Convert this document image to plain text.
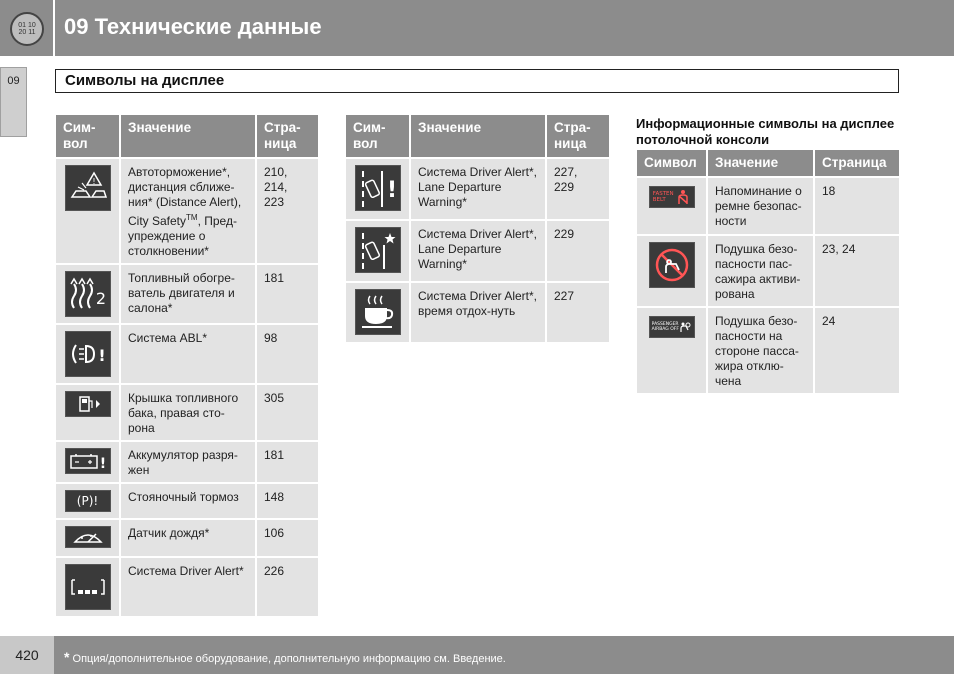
01 10
20 11 09 Технические данные
09	Символы на дисплее
Сим-
вол	Значение	Стра-
ница

!	Автоторможение*, дистанция сближе-ния* (Distance Alert), City Safety™, Пред-упреждение о столкновении*	210,
214,
223

2	Топливный обогре-ватель двигателя и салона*	181

!	Система ABL*	98

	Крышка топливного бака, правая сто-рона	305

!	Аккумулятор разря-жен	181
(P)!	Стояночный тормоз	148

	Датчик дождя*	106

	Система Driver Alert*	226
Сим-
вол	Значение	Стра-
ница

!	Система Driver Alert*, Lane Departure Warning*	227,
229

	Система Driver Alert*, Lane Departure Warning*	229

	Система Driver Alert*, время отдох-нуть	227
Информационные символы на дисплее потолочной консоли
Символ	Значение	Страница

FASTEN
BELT	Напоминание о ремне безопас-ности	18

	Подушка безо-пасности пас-сажира активи-рована	23, 24

PASSENGER
AIRBAG OFF	Подушка безо-пасности на стороне пасса-жира отклю-чена	24
420	* Опция/дополнительное оборудование, дополнительную информацию см. Введение.
